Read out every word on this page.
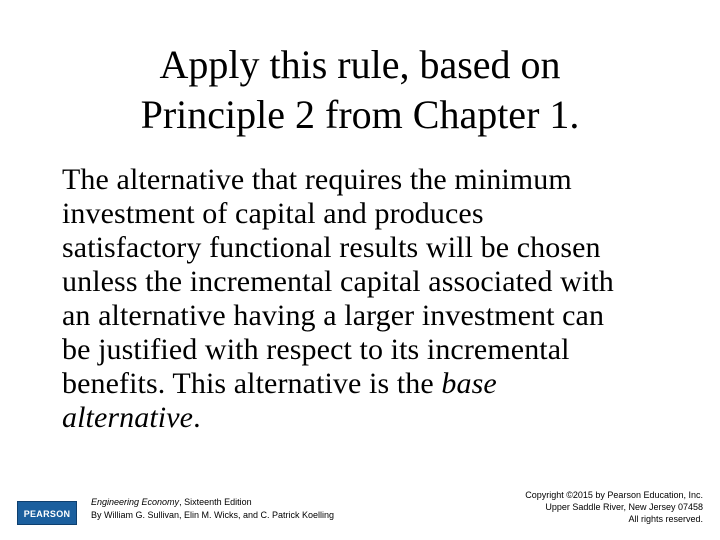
Apply this rule, based on
Principle 2 from Chapter 1.
The alternative that requires the minimum
investment of capital and produces
satisfactory functional results will be chosen
unless the incremental capital associated with
an alternative having a larger investment can
be justified with respect to its incremental
benefits. This alternative is the base
alternative.
PEARSON
Engineering Economy, Sixteenth Edition
By William G. Sullivan, Elin M. Wicks, and C. Patrick Koelling
Copyright ©2015 by Pearson Education, Inc.
Upper Saddle River, New Jersey 07458
All rights reserved.
